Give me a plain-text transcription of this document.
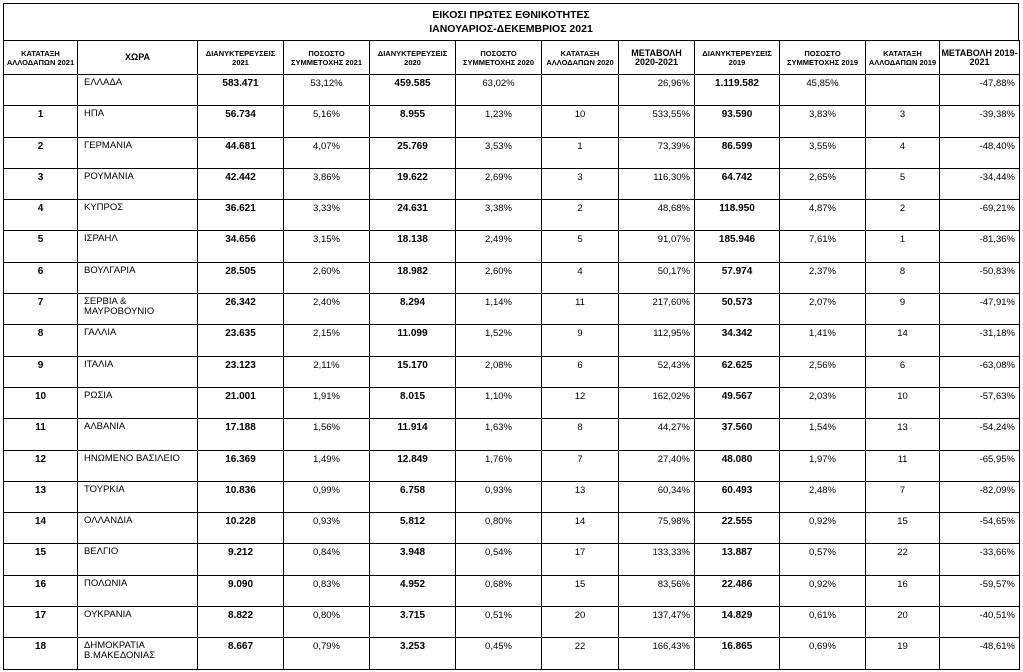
ΕΙΚΟΣΙ ΠΡΩΤΕΣ ΕΘΝΙΚΟΤΗΤΕΣ
ΙΑΝΟΥΑΡΙΟΣ-ΔΕΚΕΜΒΡΙΟΣ 2021
ΚΑΤΑΤΑΞΗ ΑΛΛΟΔΑΠΩΝ 2021	ΧΩΡΑ	ΔΙΑΝΥΚΤΕΡΕΥΣΕΙΣ 2021	ΠΟΣΟΣΤΟ ΣΥΜΜΕΤΟΧΗΣ 2021	ΔΙΑΝΥΚΤΕΡΕΥΣΕΙΣ 2020	ΠΟΣΟΣΤΟ ΣΥΜΜΕΤΟΧΗΣ 2020	ΚΑΤΑΤΑΞΗ ΑΛΛΟΔΑΠΩΝ 2020	ΜΕΤΑΒΟΛΗ 2020-2021	ΔΙΑΝΥΚΤΕΡΕΥΣΕΙΣ 2019	ΠΟΣΟΣΤΟ ΣΥΜΜΕΤΟΧΗΣ 2019	ΚΑΤΑΤΑΞΗ ΑΛΛΟΔΑΠΩΝ 2019	ΜΕΤΑΒΟΛΗ 2019-2021
	ΕΛΛΑΔΑ	583.471	53,12%	459.585	63,02%		26,96%	1.119.582	45,85%		-47,88%
1	ΗΠΑ	56.734	5,16%	8.955	1,23%	10	533,55%	93.590	3,83%	3	-39,38%
2	ΓΕΡΜΑΝΙΑ	44.681	4,07%	25.769	3,53%	1	73,39%	86.599	3,55%	4	-48,40%
3	ΡΟΥΜΑΝΙΑ	42.442	3,86%	19.622	2,69%	3	116,30%	64.742	2,65%	5	-34,44%
4	ΚΥΠΡΟΣ	36.621	3,33%	24.631	3,38%	2	48,68%	118.950	4,87%	2	-69,21%
5	ΙΣΡΑΗΛ	34.656	3,15%	18.138	2,49%	5	91,07%	185.946	7,61%	1	-81,36%
6	ΒΟΥΛΓΑΡΙΑ	28.505	2,60%	18.982	2,60%	4	50,17%	57.974	2,37%	8	-50,83%
7	ΣΕΡΒΙΑ & ΜΑΥΡΟΒΟΥΝΙΟ	26.342	2,40%	8.294	1,14%	11	217,60%	50.573	2,07%	9	-47,91%
8	ΓΑΛΛΙΑ	23.635	2,15%	11.099	1,52%	9	112,95%	34.342	1,41%	14	-31,18%
9	ΙΤΑΛΙΑ	23.123	2,11%	15.170	2,08%	6	52,43%	62.625	2,56%	6	-63,08%
10	ΡΩΣΙΑ	21.001	1,91%	8.015	1,10%	12	162,02%	49.567	2,03%	10	-57,63%
11	ΑΛΒΑΝΙΑ	17.188	1,56%	11.914	1,63%	8	44,27%	37.560	1,54%	13	-54,24%
12	ΗΝΩΜΕΝΟ ΒΑΣΙΛΕΙΟ	16.369	1,49%	12.849	1,76%	7	27,40%	48.080	1,97%	11	-65,95%
13	ΤΟΥΡΚΙΑ	10.836	0,99%	6.758	0,93%	13	60,34%	60.493	2,48%	7	-82,09%
14	ΟΛΛΑΝΔΙΑ	10.228	0,93%	5.812	0,80%	14	75,98%	22.555	0,92%	15	-54,65%
15	ΒΕΛΓΙΟ	9.212	0,84%	3.948	0,54%	17	133,33%	13.887	0,57%	22	-33,66%
16	ΠΟΛΩΝΙΑ	9.090	0,83%	4.952	0,68%	15	83,56%	22.486	0,92%	16	-59,57%
17	ΟΥΚΡΑΝΙΑ	8.822	0,80%	3.715	0,51%	20	137,47%	14.829	0,61%	20	-40,51%
18	ΔΗΜΟΚΡΑΤΙΑ Β.ΜΑΚΕΔΟΝΙΑΣ	8.667	0,79%	3.253	0,45%	22	166,43%	16.865	0,69%	19	-48,61%
